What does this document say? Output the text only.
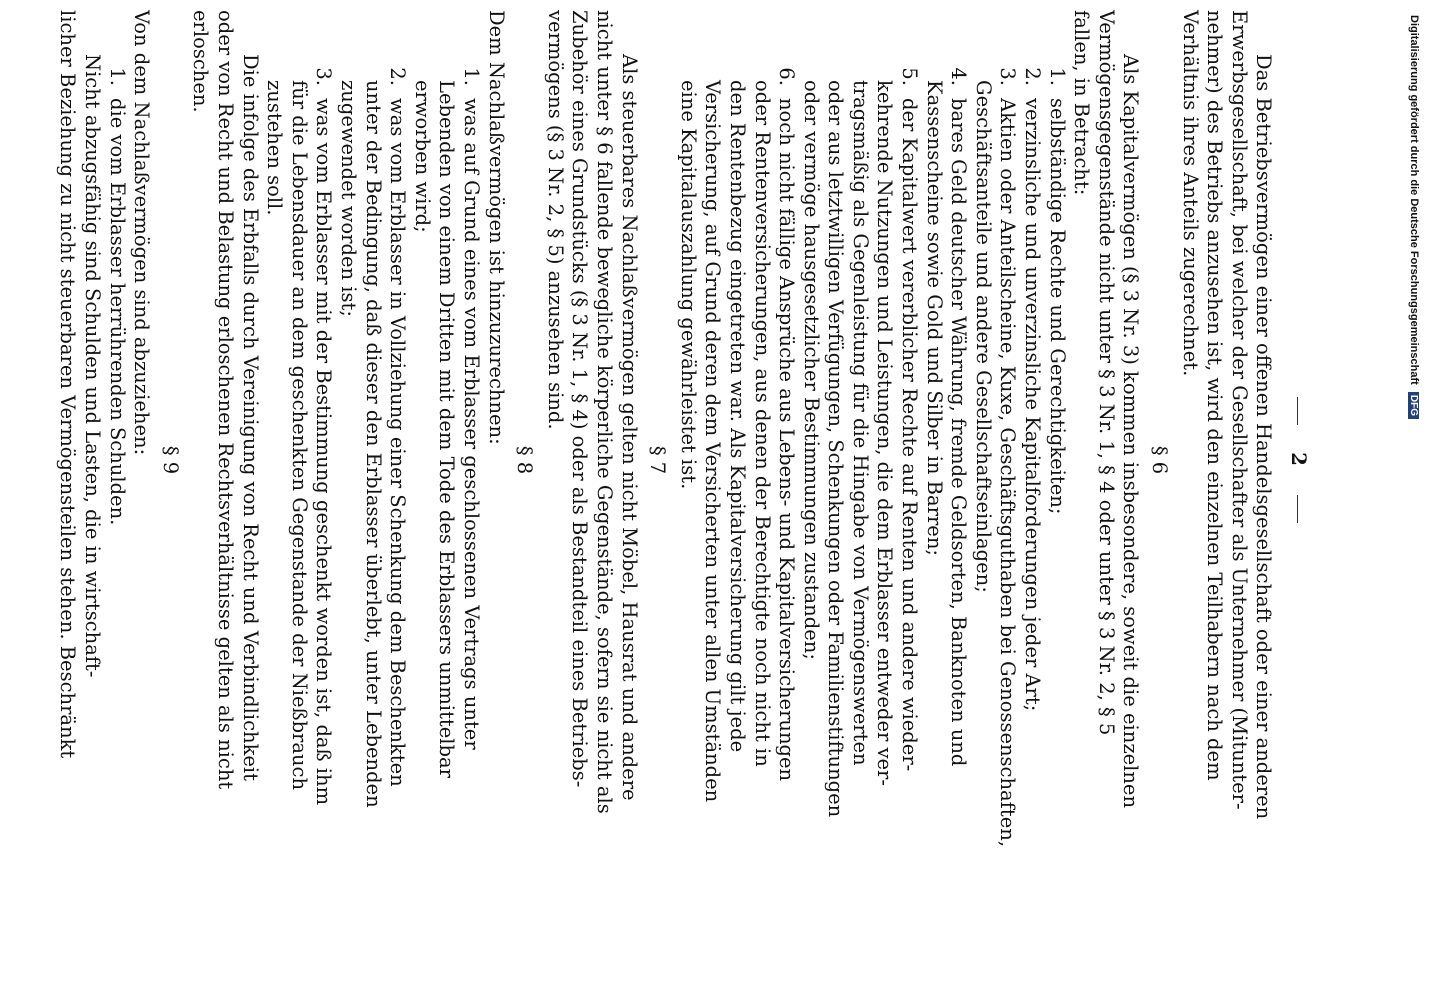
2
Das Betriebsvermögen einer offenen Handelsgesellschaft oder einer anderen
Erwerbsgesellschaft, bei welcher der Gesellschafter als Unternehmer (Mitunter-
nehmer) des Betriebs anzusehen ist, wird den einzelnen Teilhabern nach dem
Verhältnis ihres Anteils zugerechnet.
§ 6
Als Kapitalvermögen (§ 3 Nr. 3) kommen insbesondere, soweit die einzelnen
Vermögensgegenstände nicht unter § 3 Nr. 1, § 4 oder unter § 3 Nr. 2, § 5
fallen, in Betracht:
1.selbständige Rechte und Gerechtigkeiten;
2.verzinsliche und unverzinsliche Kapitalforderungen jeder Art;
3.Aktien oder Anteilscheine, Kuxe, Geschäftsguthaben bei Genossenschaften,
Geschäftsanteile und andere Gesellschaftseinlagen;
4.bares Geld deutscher Währung, fremde Geldsorten, Banknoten und
Kassenscheine sowie Gold und Silber in Barren;
5.der Kapitalwert vererblicher Rechte auf Renten und andere wieder-
kehrende Nutzungen und Leistungen, die dem Erblasser entweder ver-
tragsmäßig als Gegenleistung für die Hingabe von Vermögenswerten
oder aus letztwilligen Verfügungen, Schenkungen oder Familienstiftungen
oder vermöge hausgesetzlicher Bestimmungen zustanden;
6.noch nicht fällige Ansprüche aus Lebens- und Kapitalversicherungen
oder Rentenversicherungen, aus denen der Berechtigte noch nicht in
den Rentenbezug eingetreten war. Als Kapitalversicherung gilt jede
Versicherung, auf Grund deren dem Versicherten unter allen Umständen
eine Kapitalauszahlung gewährleistet ist.
§ 7
Als steuerbares Nachlaßvermögen gelten nicht Möbel, Hausrat und andere
nicht unter § 6 fallende bewegliche körperliche Gegenstände, sofern sie nicht als
Zubehör eines Grundstücks (§ 3 Nr. 1, § 4) oder als Bestandteil eines Betriebs-
vermögens (§ 3 Nr. 2, § 5) anzusehen sind.
§ 8
Dem Nachlaßvermögen ist hinzuzurechnen:
1.was auf Grund eines vom Erblasser geschlossenen Vertrags unter
Lebenden von einem Dritten mit dem Tode des Erblassers unmittelbar
erworben wird;
2.was vom Erblasser in Vollziehung einer Schenkung dem Beschenkten
unter der Bedingung, daß dieser den Erblasser überlebt, unter Lebenden
zugewendet worden ist;
3.was vom Erblasser mit der Bestimmung geschenkt worden ist, daß ihm
für die Lebensdauer an dem geschenkten Gegenstande der Nießbrauch
zustehen soll.
Die infolge des Erbfalls durch Vereinigung von Recht und Verbindlichkeit
oder von Recht und Belastung erloschenen Rechtsverhältnisse gelten als nicht
erloschen.
§ 9
Von dem Nachlaßvermögen sind abzuziehen:
1.die vom Erblasser herrührenden Schulden.
Nicht abzugsfähig sind Schulden und Lasten, die in wirtschaft-
licher Beziehung zu nicht steuerbaren Vermögensteilen stehen. Beschränkt	Digitalisierung gefördert durch die Deutsche Forschungsgemeinschaft DFG
